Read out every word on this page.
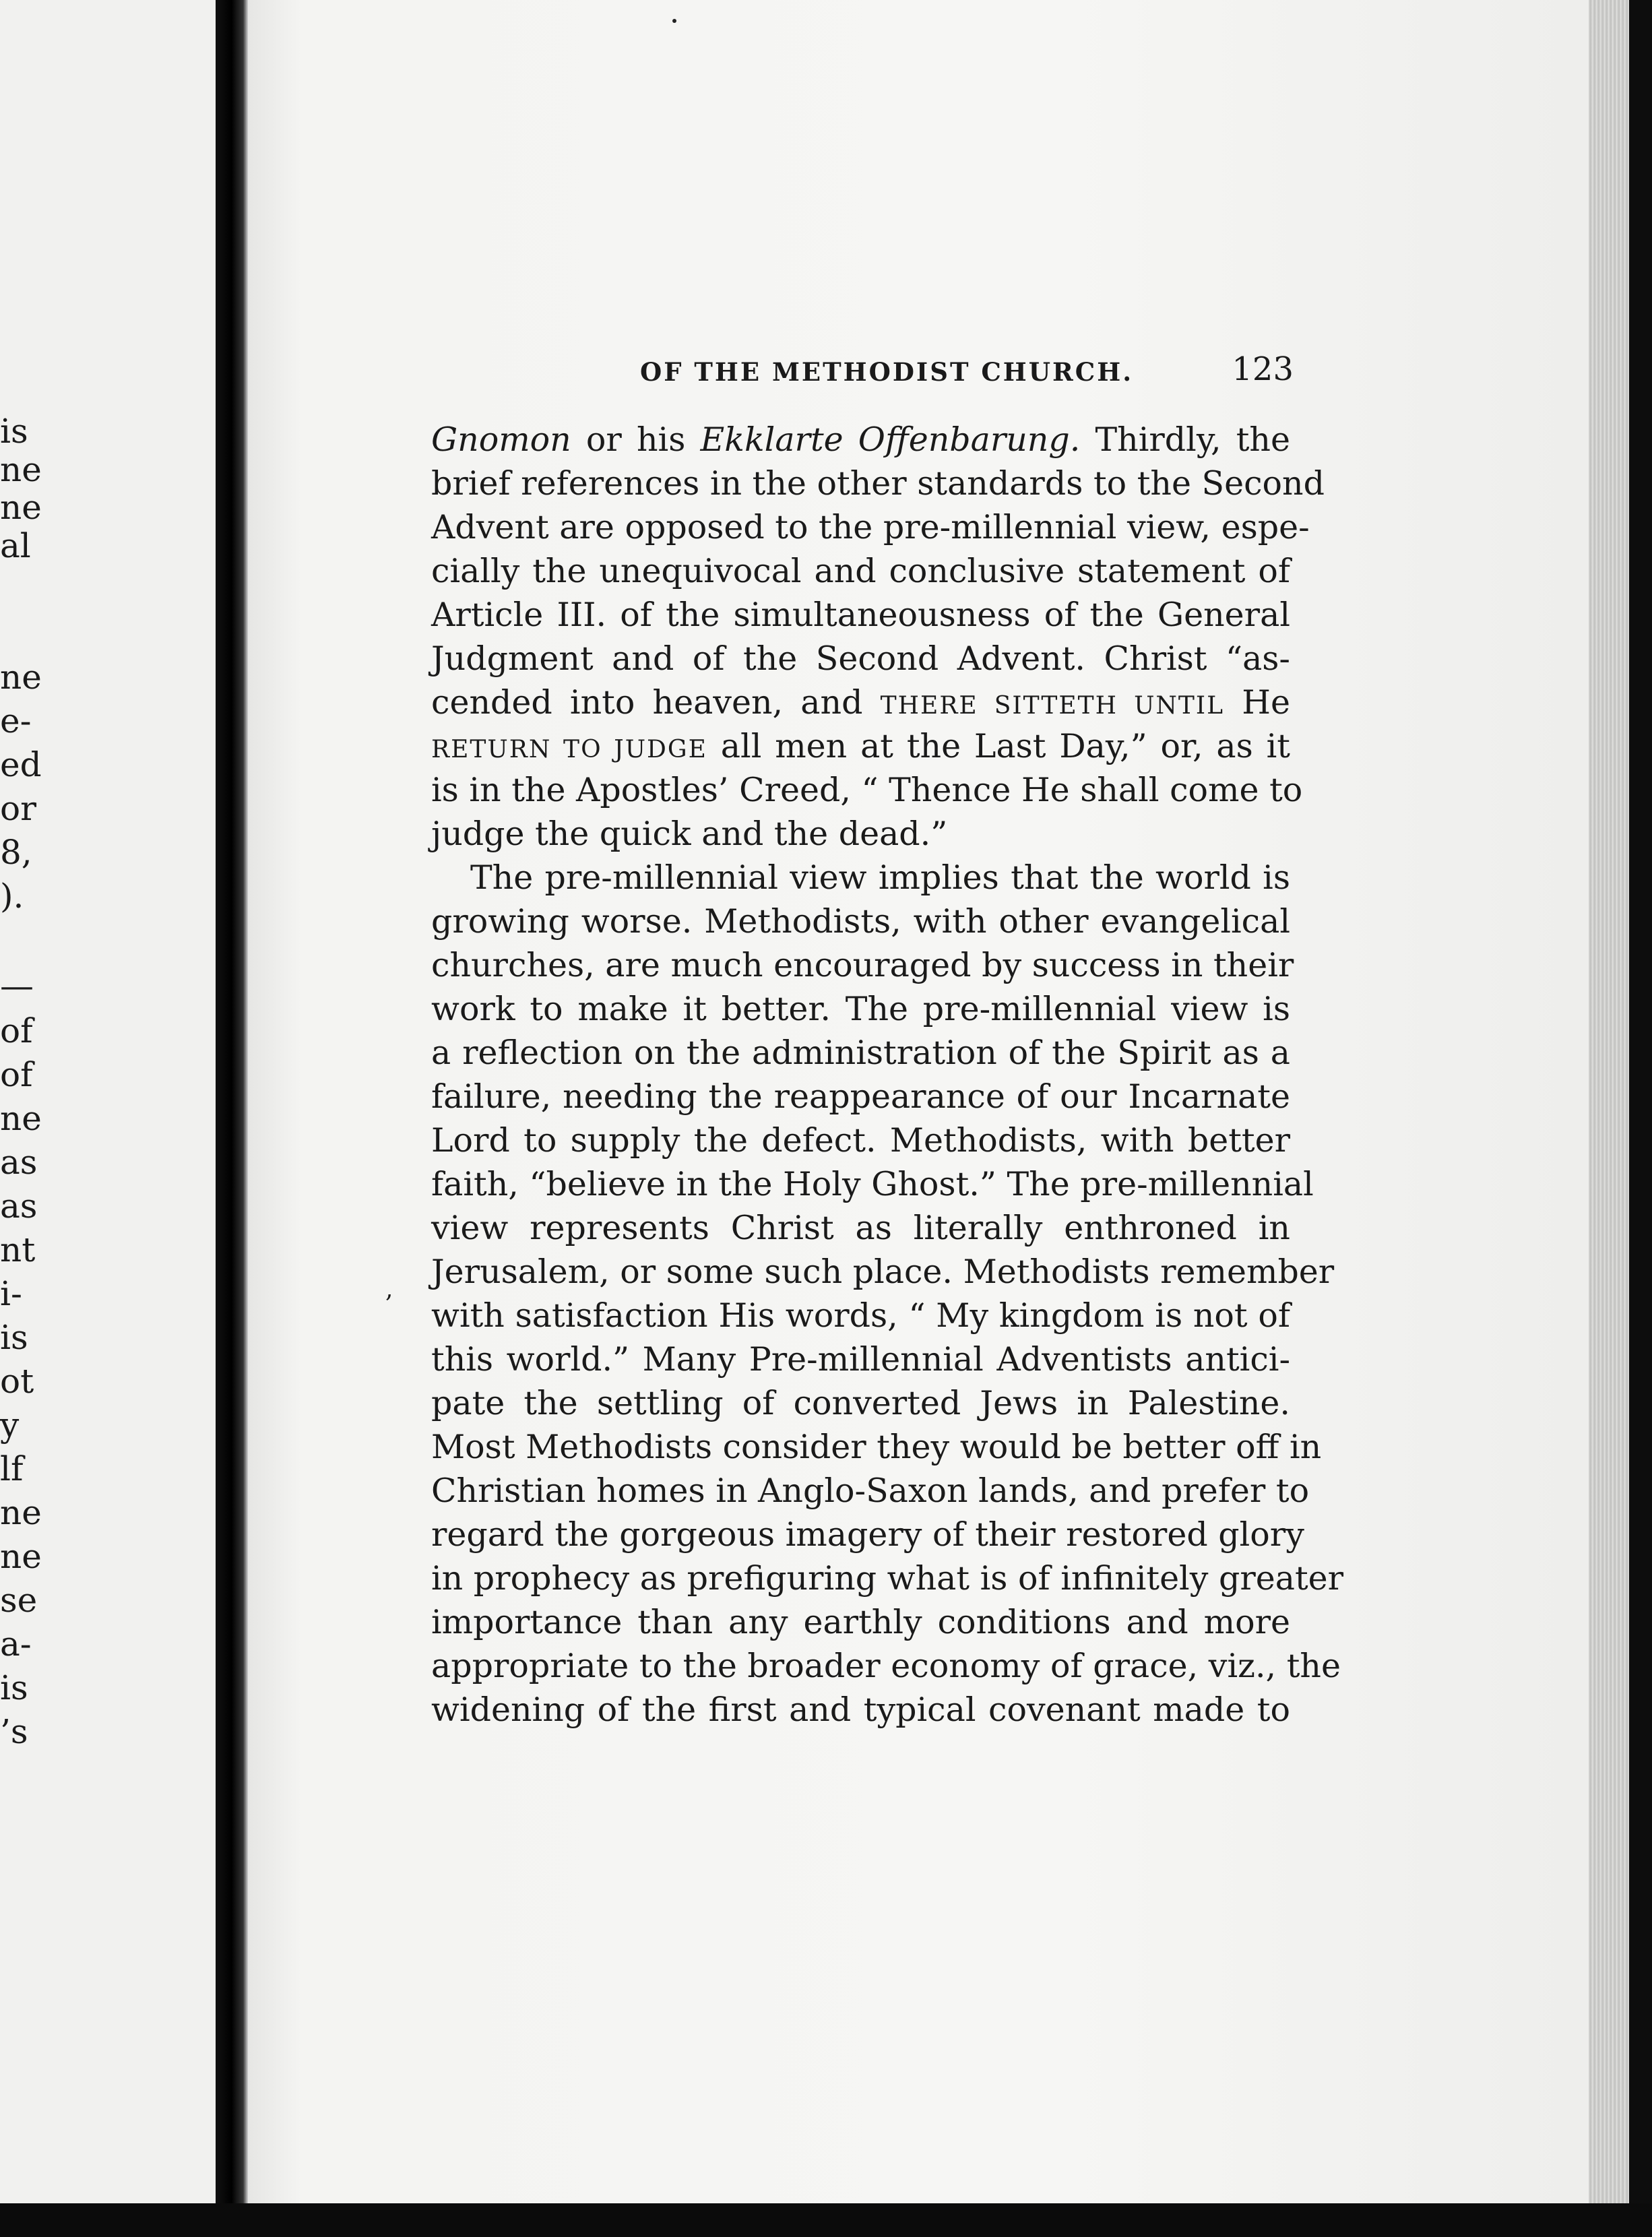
is
ne
ne
al
ne
e-
ed
or
8,
).
—
of
of
ne
as
as
nt
i-
is
ot
y
lf
ne
ne
se
a-
is
’s
OF THE METHODIST CHURCH.	123
,
Gnomon or his Ekklarte Offenbarung. Thirdly, the
brief references in the other standards to the Second
Advent are opposed to the pre-millennial view, espe-
cially the unequivocal and conclusive statement of
Article III. of the simultaneousness of the General
Judgment and of the Second Advent. Christ “as-
cended into heaven, and THERE SITTETH UNTIL He
RETURN TO JUDGE all men at the Last Day,” or, as it
is in the Apostles’ Creed, “ Thence He shall come to
judge the quick and the dead.”
The pre-millennial view implies that the world is
growing worse. Methodists, with other evangelical
churches, are much encouraged by success in their
work to make it better. The pre-millennial view is
a reflection on the administration of the Spirit as a
failure, needing the reappearance of our Incarnate
Lord to supply the defect. Methodists, with better
faith, “believe in the Holy Ghost.” The pre-millennial
view represents Christ as literally enthroned in
Jerusalem, or some such place. Methodists remember
with satisfaction His words, “ My kingdom is not of
this world.” Many Pre-millennial Adventists antici-
pate the settling of converted Jews in Palestine.
Most Methodists consider they would be better off in
Christian homes in Anglo-Saxon lands, and prefer to
regard the gorgeous imagery of their restored glory
in prophecy as prefiguring what is of infinitely greater
importance than any earthly conditions and more
appropriate to the broader economy of grace, viz., the
widening of the first and typical covenant made to
